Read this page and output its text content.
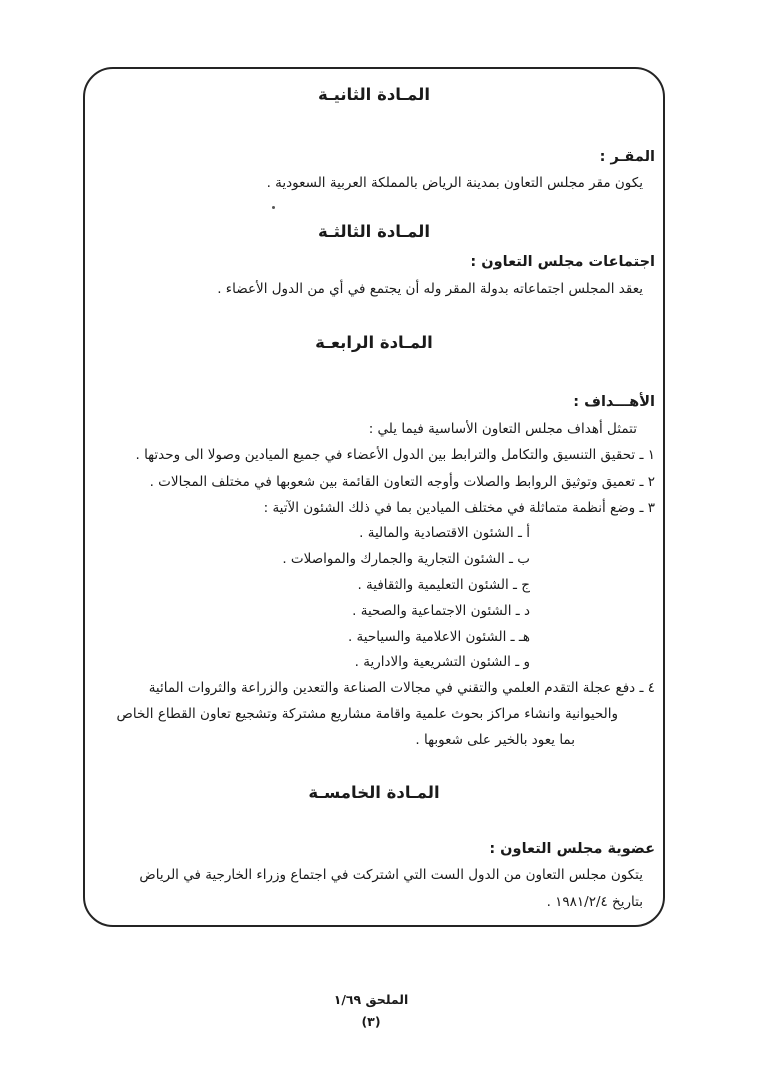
المـادة الثانيـة
المقـر :
يكون مقر مجلس التعاون بمدينة الرياض بالمملكة العربية السعودية .
المـادة الثالثـة
اجتماعات مجلس التعاون :
يعقد المجلس اجتماعاته بدولة المقر وله أن يجتمع في أي من الدول الأعضاء .
المـادة الرابعـة
الأهـــداف :
تتمثل أهداف مجلس التعاون الأساسية فيما يلي :
١ ـ تحقيق التنسيق والتكامل والترابط بين الدول الأعضاء في جميع الميادين وصولا الى وحدتها .
٢ ـ تعميق وتوثيق الروابط والصلات وأوجه التعاون القائمة بين شعوبها في مختلف المجالات .
٣ ـ وضع أنظمة متماثلة في مختلف الميادين بما في ذلك الشئون الآتية :
أ ـ الشئون الاقتصادية والمالية .
ب ـ الشئون التجارية والجمارك والمواصلات .
ج ـ الشئون التعليمية والثقافية .
د ـ الشئون الاجتماعية والصحية .
هـ ـ الشئون الاعلامية والسياحية .
و ـ الشئون التشريعية والادارية .
٤ ـ دفع عجلة التقدم العلمي والتقني في مجالات الصناعة والتعدين والزراعة والثروات المائية
والحيوانية وانشاء مراكز بحوث علمية واقامة مشاريع مشتركة وتشجيع تعاون القطاع الخاص
بما يعود بالخير على شعوبها .
المـادة الخامسـة
عضوية مجلس التعاون :
يتكون مجلس التعاون من الدول الست التي اشتركت في اجتماع وزراء الخارجية في الرياض
بتاريخ ١٩٨١/٢/٤ .
الملحق ١/٦٩
(٣)
